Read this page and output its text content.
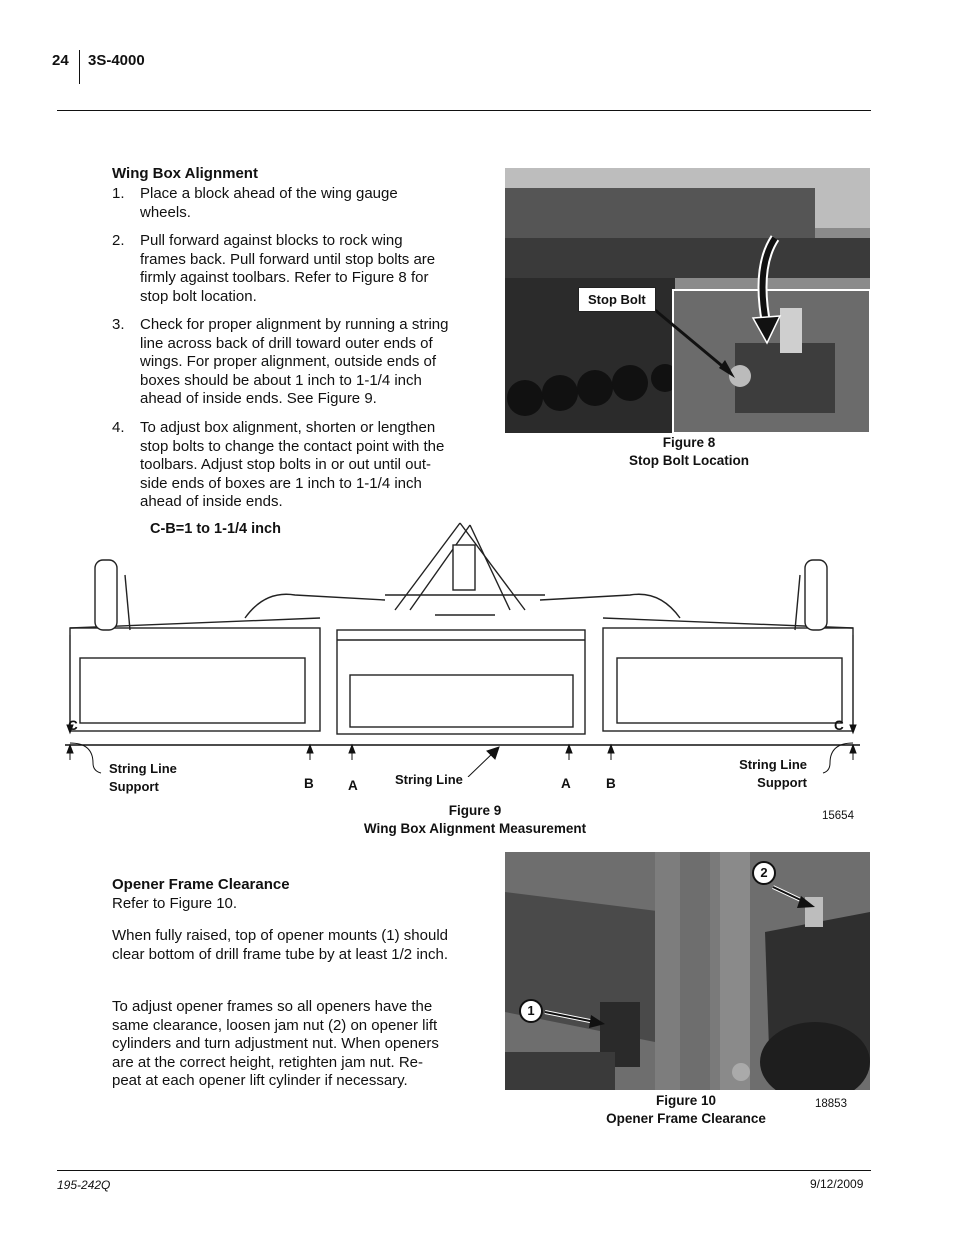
24 3S-4000
Wing Box Alignment
1. Place a block ahead of the wing gauge wheels.
2. Pull forward against blocks to rock wing frames back. Pull forward until stop bolts are firmly against toolbars. Refer to Figure 8 for stop bolt location.
3. Check for proper alignment by running a string line across back of drill toward outer ends of wings. For proper alignment, outside ends of boxes should be about 1 inch to 1-1/4 inch ahead of inside ends. See Figure 9.
4. To adjust box alignment, shorten or lengthen stop bolts to change the contact point with the toolbars. Adjust stop bolts in or out until out-side ends of boxes are 1 inch to 1-1/4 inch ahead of inside ends.
Stop Bolt
Figure 8
Stop Bolt Location
C-B=1 to 1-1/4 inch
C	C
B	A	A	B
String Line
String Line
Support
String Line
Support
Figure 9
Wing Box Alignment Measurement
15654
Opener Frame Clearance
Refer to Figure 10.
When fully raised, top of opener mounts (1) should clear bottom of drill frame tube by at least 1/2 inch.
To adjust opener frames so all openers have the same clearance, loosen jam nut (2) on opener lift cylinders and turn adjustment nut. When openers are at the correct height, retighten jam nut. Re-peat at each opener lift cylinder if necessary.
2
1
Figure 10
Opener Frame Clearance
18853
195-242Q	9/12/2009
